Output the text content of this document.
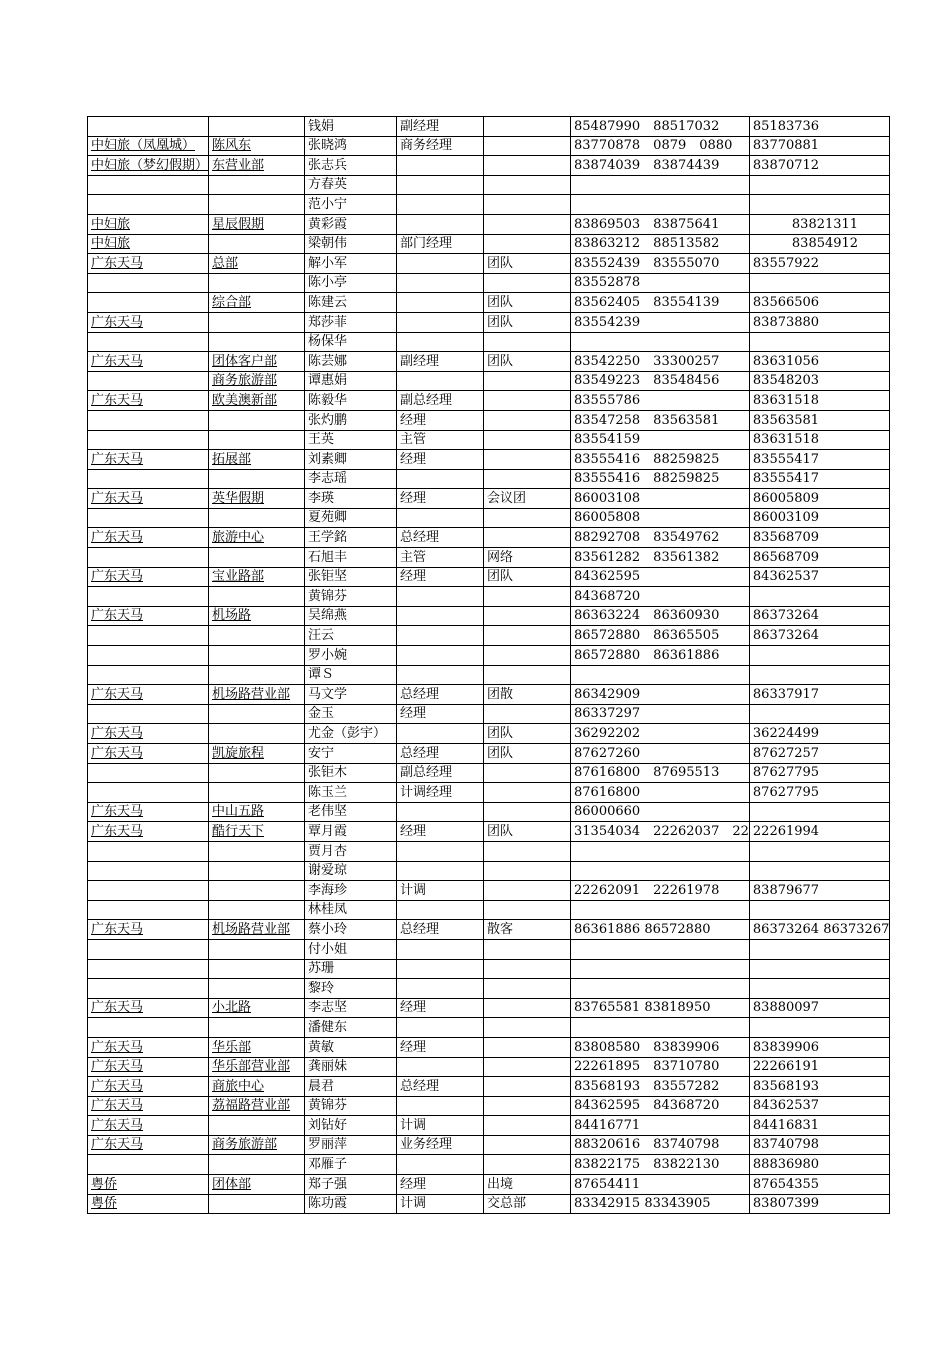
		钱娟	副经理		85487990　88517032	85183736
中妇旅（凤凰城）	陈风东	张晓鸿	商务经理		83770878　0879　0880	83770881
中妇旅（梦幻假期）	东营业部	张志兵			83874039　83874439	83870712
		方春英				
		范小宁				
中妇旅	星辰假期	黄彩霞			83869503　83875641	　　　83821311
中妇旅		梁朝伟	部门经理		83863212　88513582	　　　83854912
广东天马	总部	解小军		团队	83552439　83555070	83557922
		陈小亭			83552878	
	综合部	陈建云		团队	83562405　83554139	83566506
广东天马		郑莎菲		团队	83554239	83873880
		杨保华				
广东天马	团体客户部	陈芸娜	副经理	团队	83542250　33300257	83631056
	商务旅游部	谭惠娟			83549223　83548456	83548203
广东天马	欧美澳新部	陈毅华	副总经理		83555786	83631518
		张灼鹏	经理		83547258　83563581	83563581
		王英	主管		83554159	83631518
广东天马	拓展部	刘素卿	经理		83555416　88259825	83555417
		李志瑶			83555416　88259825	83555417
广东天马	英华假期	李瑛	经理	会议团	86003108	86005809
		夏苑卿			86005808	86003109
广东天马	旅游中心	王学銘	总经理		88292708　83549762	83568709
		石旭丰	主管	网络	83561282　83561382	86568709
广东天马	宝业路部	张钜坚	经理	团队	84362595	84362537
		黄锦芬			84368720	
广东天马	机场路	吴绵燕			86363224　86360930	86373264
		汪云			86572880　86365505	86373264
		罗小婉			86572880　86361886	
		谭Ｓ				
广东天马	机场路营业部	马文学	总经理	团散	86342909	86337917
		金玉	经理		86337297	
广东天马		尤金（彭宇）		团队	36292202	36224499
广东天马	凯旋旅程	安宁	总经理	团队	87627260	87627257
		张钜木	副总经理		87616800　87695513	87627795
		陈玉兰	计调经理		87616800	87627795
广东天马	中山五路	老伟坚			86000660	
广东天马	酷行天下	覃月霞	经理	团队	31354034　22262037　22	22261994
		贾月杏				
		谢爱琼				
		李海珍	计调		22262091　22261978	83879677
		林桂凤				
广东天马	机场路营业部	蔡小玲	总经理	散客	86361886 86572880	86373264 86373267
		付小姐				
		苏珊				
		黎玲				
广东天马	小北路	李志坚	经理		83765581 83818950	83880097
		潘健东				
广东天马	华乐部	黄敏	经理		83808580　83839906	83839906
广东天马	华乐部营业部	龚丽妹			22261895　83710780	22266191
广东天马	商旅中心	晨君	总经理		83568193　83557282	83568193
广东天马	荔福路营业部	黄锦芬			84362595　84368720	84362537
广东天马		刘钻好	计调		84416771	84416831
广东天马	商务旅游部	罗丽萍	业务经理		88320616　83740798	83740798
		邓雁子			83822175　83822130	88836980
粤侨	团体部	郑子强	经理	出境	87654411	87654355
粤侨		陈功霞	计调	交总部	83342915 83343905	83807399
